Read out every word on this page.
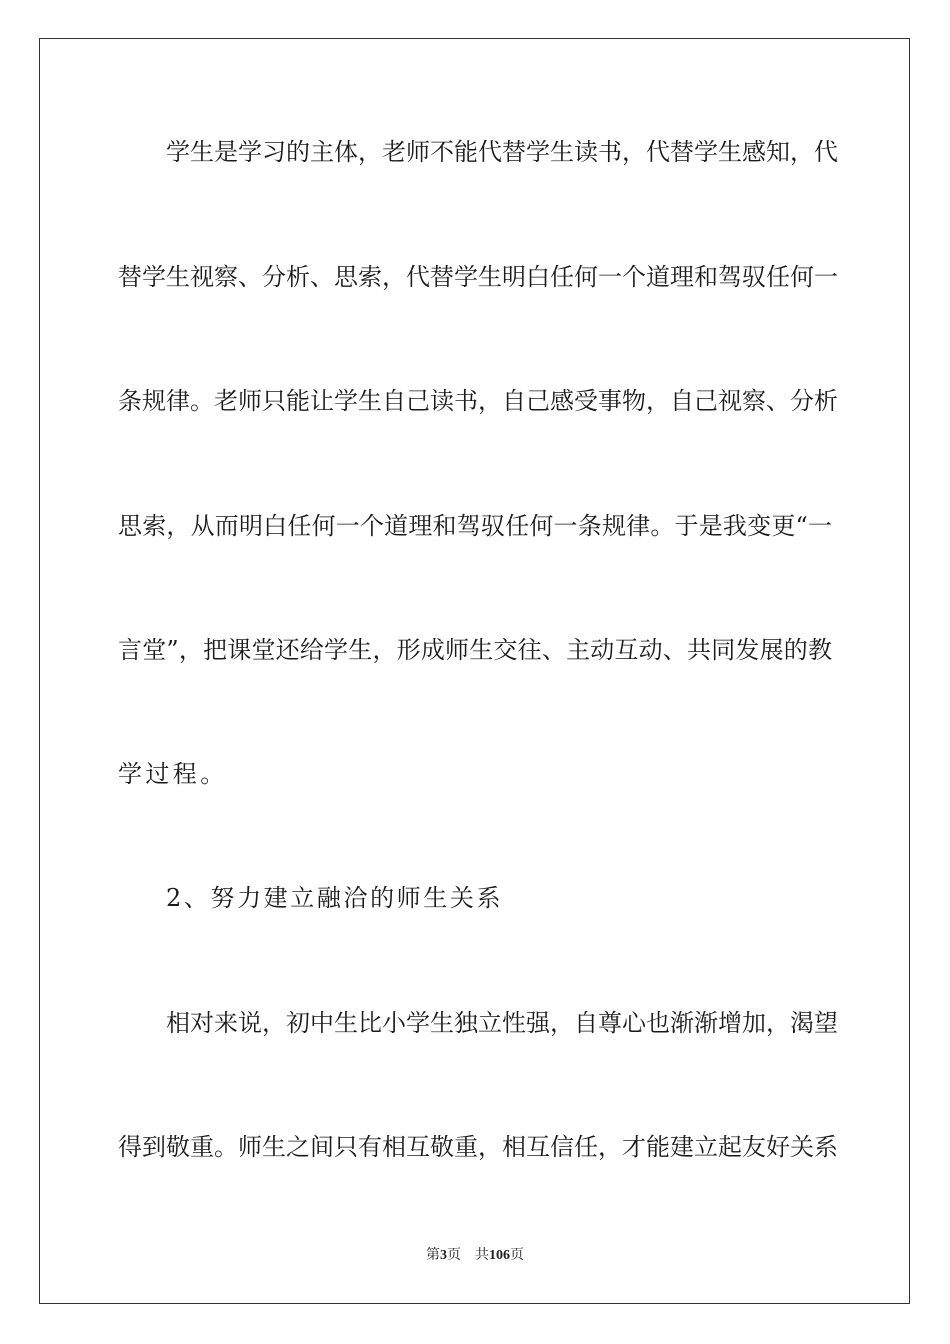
学生是学习的主体，老师不能代替学生读书，代替学生感知，代
替学生视察、分析、思索，代替学生明白任何一个道理和驾驭任何一
条规律。老师只能让学生自己读书，自己感受事物，自己视察、分析
思索，从而明白任何一个道理和驾驭任何一条规律。于是我变更“一
言堂”，把课堂还给学生，形成师生交往、主动互动、共同发展的教
学过程。
2、努力建立融洽的师生关系
相对来说，初中生比小学生独立性强，自尊心也渐渐增加，渴望
得到敬重。师生之间只有相互敬重，相互信任，才能建立起友好关系
第3页 共106页
